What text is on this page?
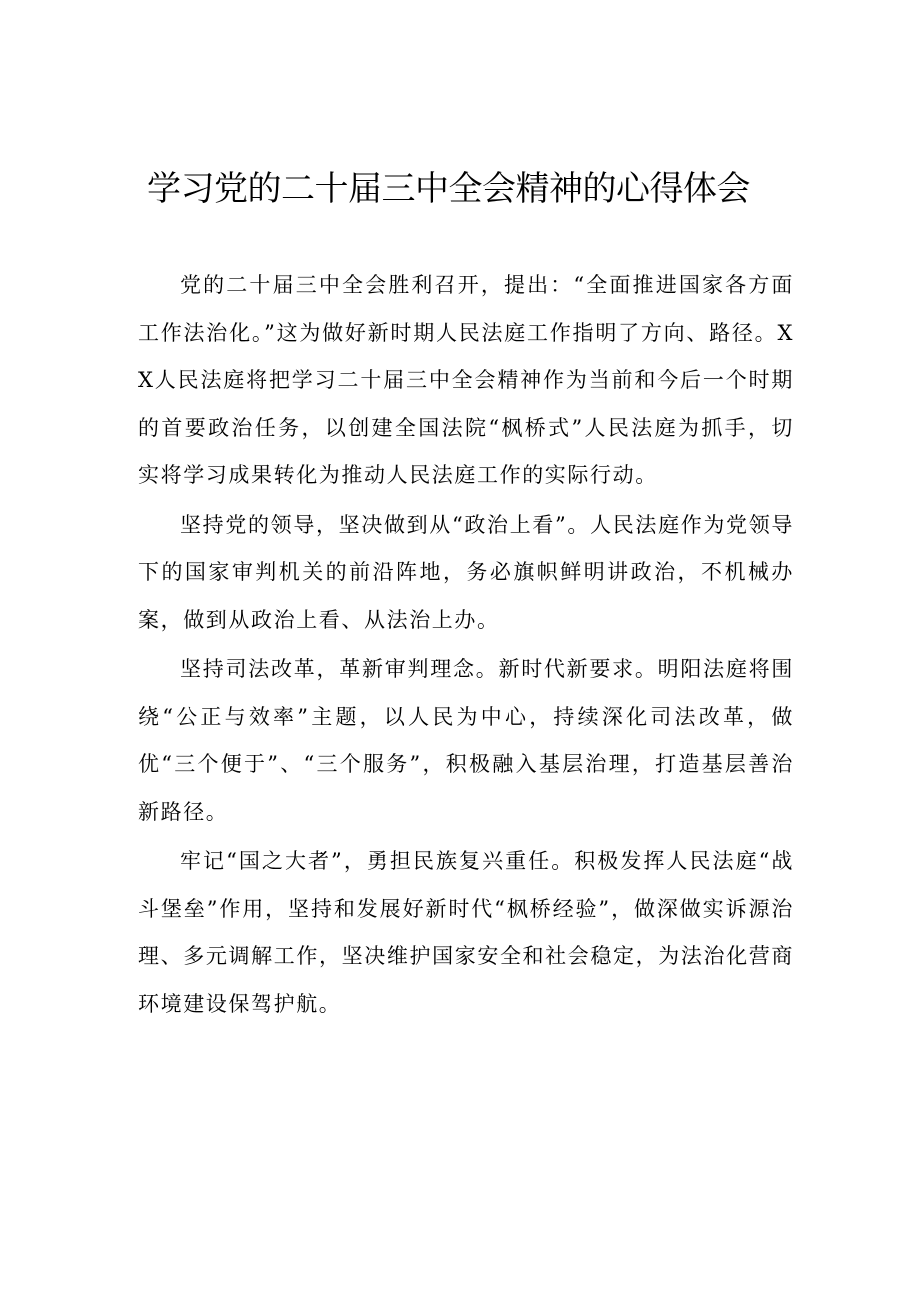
学习党的二十届三中全会精神的心得体会

党的二十届三中全会胜利召开，提出：“全面推进国家各方面工作法治化。”这为做好新时期人民法庭工作指明了方向、路径。XX人民法庭将把学习二十届三中全会精神作为当前和今后一个时期的首要政治任务，以创建全国法院“枫桥式”人民法庭为抓手，切实将学习成果转化为推动人民法庭工作的实际行动。

坚持党的领导，坚决做到从“政治上看”。人民法庭作为党领导下的国家审判机关的前沿阵地，务必旗帜鲜明讲政治，不机械办案，做到从政治上看、从法治上办。

坚持司法改革，革新审判理念。新时代新要求。明阳法庭将围绕“公正与效率”主题，以人民为中心，持续深化司法改革，做优“三个便于”、“三个服务”，积极融入基层治理，打造基层善治新路径。

牢记“国之大者”，勇担民族复兴重任。积极发挥人民法庭“战斗堡垒”作用，坚持和发展好新时代“枫桥经验”，做深做实诉源治理、多元调解工作，坚决维护国家安全和社会稳定，为法治化营商环境建设保驾护航。
